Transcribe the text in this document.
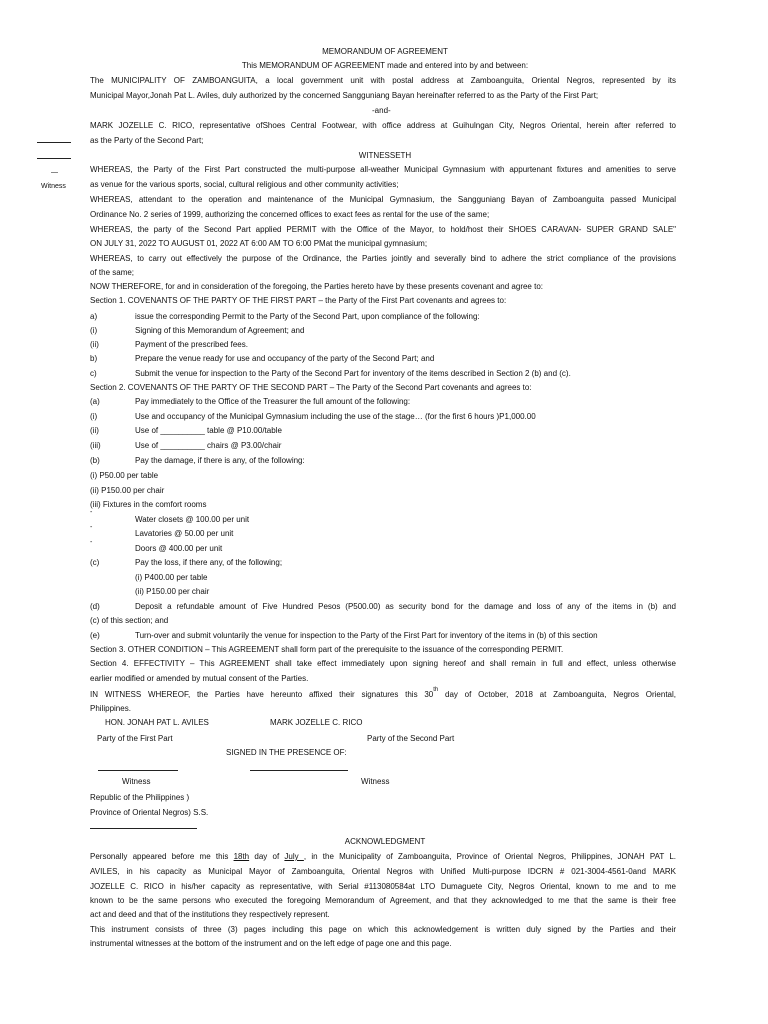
MEMORANDUM OF AGREEMENT
This MEMORANDUM OF AGREEMENT made and entered into by and between:
The MUNICIPALITY OF ZAMBOANGUITA, a local government unit with postal address at Zamboanguita, Oriental Negros, represented by its
Municipal Mayor,Jonah Pat L. Aviles, duly authorized by the concerned Sangguniang Bayan hereinafter referred to as the Party of the First Part;
-and-
MARK JOZELLE C. RICO, representative ofShoes Central Footwear, with office address at Guihulngan City, Negros Oriental, herein after referred to
as the Party of the Second Part;
—
Witness
WITNESSETH
WHEREAS, the Party of the First Part constructed the multi-purpose all-weather Municipal Gymnasium with appurtenant fixtures and amenities to serve
as venue for the various sports, social, cultural religious and other community activities;
WHEREAS, attendant to the operation and maintenance of the Municipal Gymnasium, the Sangguniang Bayan of Zamboanguita passed Municipal
Ordinance No. 2 series of 1999, authorizing the concerned offices to exact fees as rental for the use of the same;
WHEREAS, the party of the Second Part applied PERMIT with the Office of the Mayor, to hold/host their SHOES CARAVAN- SUPER GRAND SALE"
ON JULY 31, 2022 TO AUGUST 01, 2022 AT 6:00 AM TO 6:00 PMat the municipal gymnasium;
WHEREAS, to carry out effectively the purpose of the Ordinance, the Parties jointly and severally bind to adhere the strict compliance of the provisions
of the same;
NOW THEREFORE, for and in consideration of the foregoing, the Parties hereto have by these presents covenant and agree to:
Section 1. COVENANTS OF THE PARTY OF THE FIRST PART – the Party of the First Part covenants and agrees to:
a)	issue the corresponding Permit to the Party of the Second Part, upon compliance of the following:
(i)	Signing of this Memorandum of Agreement; and
(ii)	Payment of the prescribed fees.
b)	Prepare the venue ready for use and occupancy of the party of the Second Part; and
c)	Submit the venue for inspection to the Party of the Second Part for inventory of the items described in Section 2 (b) and (c).
Section 2. COVENANTS OF THE PARTY OF THE SECOND PART – The Party of the Second Part covenants and agrees to:
(a)	Pay immediately to the Office of the Treasurer the full amount of the following:
(i)	Use and occupancy of the Municipal Gymnasium including the use of the stage… (for the first 6 hours )P1,000.00
(ii)	Use of __________ table @ P10.00/table
(iii)	Use of __________ chairs @ P3.00/chair
(b)	Pay the damage, if there is any, of the following:
(i) P50.00 per table
(ii) P150.00 per chair
(iii) Fixtures in the comfort rooms
-
Water closets @ 100.00 per unit
-
Lavatories @ 50.00 per unit
-
Doors @ 400.00 per unit
(c)	Pay the loss, if there any, of the following;
(i) P400.00 per table
(ii) P150.00 per chair
(d)	Deposit a refundable amount of Five Hundred Pesos (P500.00) as security bond for the damage and loss of any of the items in (b) and
(c) of this section; and
(e)	Turn-over and submit voluntarily the venue for inspection to the Party of the First Part for inventory of the items in (b) of this section
Section 3. OTHER CONDITION – This AGREEMENT shall form part of the prerequisite to the issuance of the corresponding PERMIT.
Section 4. EFFECTIVITY – This AGREEMENT shall take effect immediately upon signing hereof and shall remain in full and effect, unless otherwise
earlier modified or amended by mutual consent of the Parties.
IN WITNESS WHEREOF, the Parties have hereunto affixed their signatures this 30th day of October, 2018 at Zamboanguita, Negros Oriental,
Philippines.
HON. JONAH PAT L. AVILES	MARK JOZELLE C. RICO
Party of the First Part	Party of the Second Part
SIGNED IN THE PRESENCE OF:
Witness	Witness
Republic of the Philippines )
Province of Oriental Negros) S.S.
ACKNOWLEDGMENT
Personally appeared before me this 18th day of July , in the Municipality of Zamboanguita, Province of Oriental Negros, Philippines, JONAH PAT L.
AVILES, in his capacity as Municipal Mayor of Zamboanguita, Oriental Negros with Unified Multi-purpose IDCRN # 021-3004-4561-0and MARK
JOZELLE C. RICO in his/her capacity as representative, with Serial #113080584at LTO Dumaguete City, Negros Oriental, known to me and to me
known to be the same persons who executed the foregoing Memorandum of Agreement, and that they acknowledged to me that the same is their free
act and deed and that of the institutions they respectively represent.
This instrument consists of three (3) pages including this page on which this acknowledgement is written duly signed by the Parties and their
instrumental witnesses at the bottom of the instrument and on the left edge of page one and this page.
